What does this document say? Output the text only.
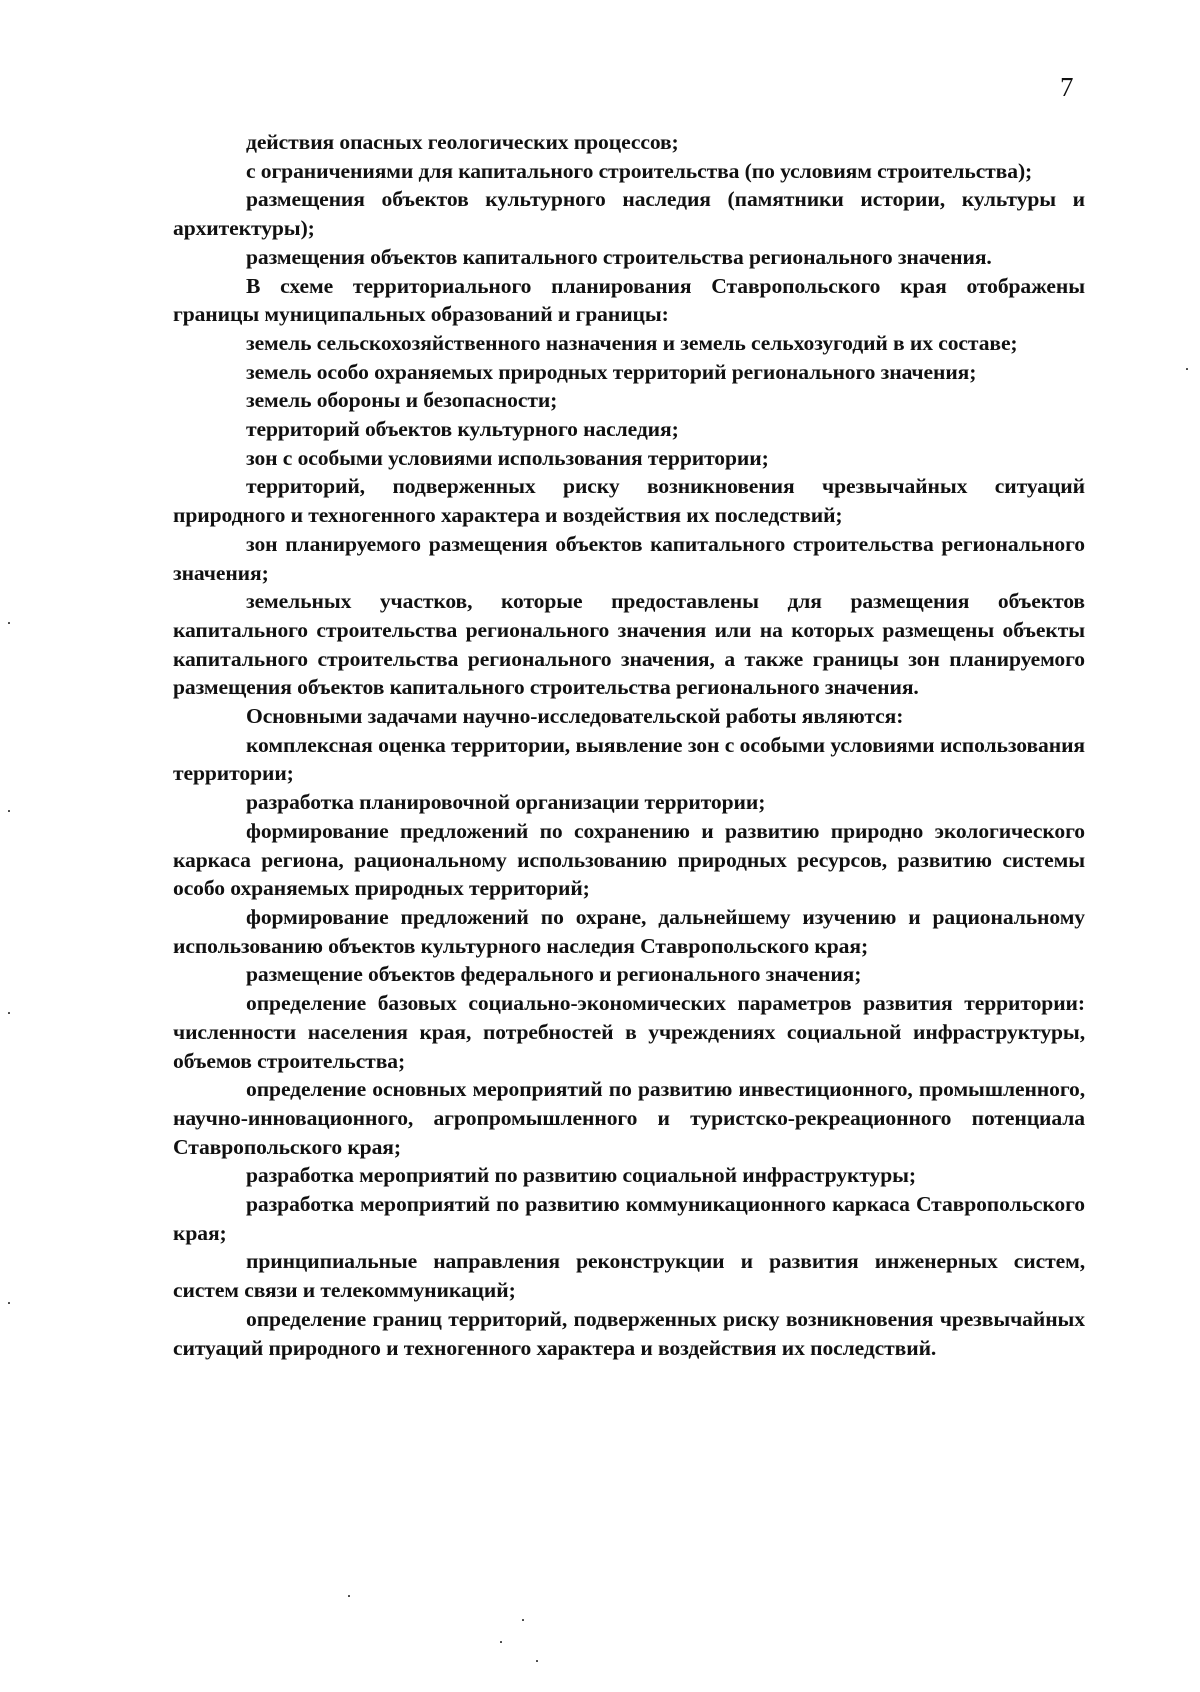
7

действия опасных геологических процессов;

с ограничениями для капитального строительства (по условиям строительства);

размещения объектов культурного наследия (памятники истории, культуры и архитектуры);

размещения объектов капитального строительства регионального значения.

В схеме территориального планирования Ставропольского края отображены границы муниципальных образований и границы:

земель сельскохозяйственного назначения и земель сельхозугодий в их составе;

земель особо охраняемых природных территорий регионального значения;

земель обороны и безопасности;

территорий объектов культурного наследия;

зон с особыми условиями использования территории;

территорий, подверженных риску возникновения чрезвычайных ситуаций природного и техногенного характера и воздействия их последствий;

зон планируемого размещения объектов капитального строительства регионального значения;

земельных участков, которые предоставлены для размещения объектов капитального строительства регионального значения или на которых размещены объекты капитального строительства регионального значения, а также границы зон планируемого размещения объектов капитального строительства регионального значения.

Основными задачами научно-исследовательской работы являются:

комплексная оценка территории, выявление зон с особыми условиями использования территории;

разработка планировочной организации территории;

формирование предложений по сохранению и развитию природно экологического каркаса региона, рациональному использованию природных ресурсов, развитию системы особо охраняемых природных территорий;

формирование предложений по охране, дальнейшему изучению и рациональному использованию объектов культурного наследия Ставропольского края;

размещение объектов федерального и регионального значения;

определение базовых социально-экономических параметров развития территории: численности населения края, потребностей в учреждениях социальной инфраструктуры, объемов строительства;

определение основных мероприятий по развитию инвестиционного, промышленного, научно-инновационного, агропромышленного и туристско-рекреационного потенциала Ставропольского края;

разработка мероприятий по развитию социальной инфраструктуры;

разработка мероприятий по развитию коммуникационного каркаса Ставропольского края;

принципиальные направления реконструкции и развития инженерных систем, систем связи и телекоммуникаций;

определение границ территорий, подверженных риску возникновения чрезвычайных ситуаций природного и техногенного характера и воздействия их последствий.
